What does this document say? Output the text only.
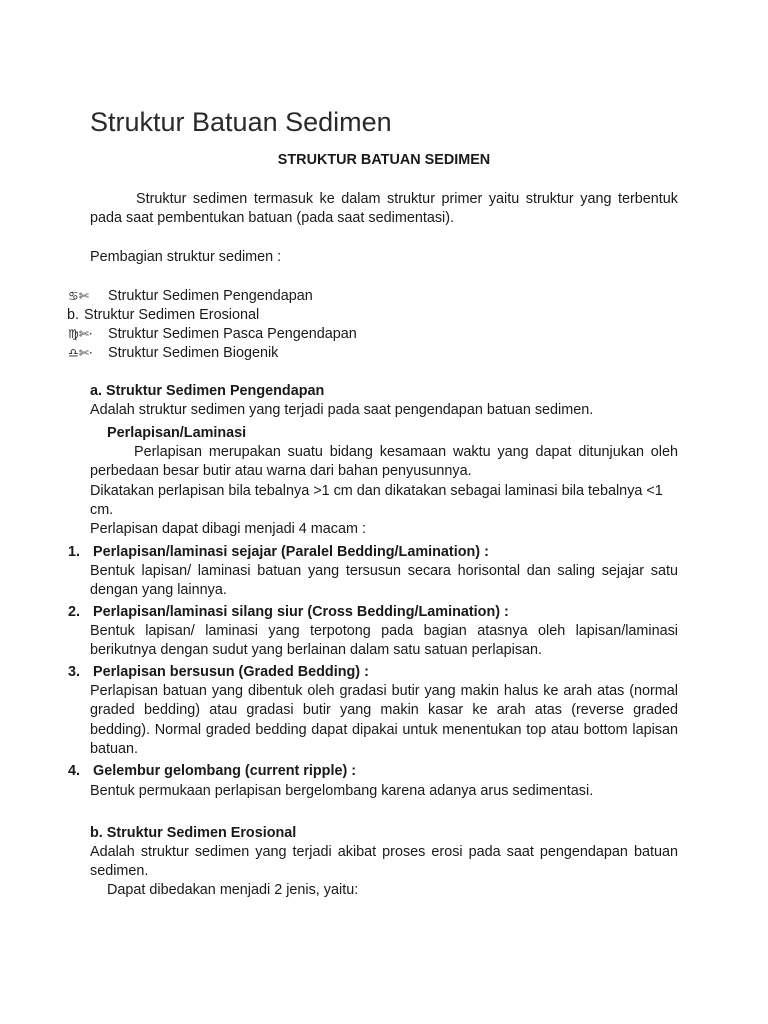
Struktur Batuan Sedimen
STRUKTUR BATUAN SEDIMEN

Struktur sedimen termasuk ke dalam struktur primer yaitu struktur yang terbentuk pada saat pembentukan batuan (pada saat sedimentasi).

Pembagian struktur sedimen :

♋✄ Struktur Sedimen Pengendapan
b. Struktur Sedimen Erosional
♍✄· Struktur Sedimen Pasca Pengendapan
♎✄· Struktur Sedimen Biogenik
a. Struktur Sedimen Pengendapan

Adalah struktur sedimen yang terjadi pada saat pengendapan batuan sedimen.

Perlapisan/Laminasi

Perlapisan merupakan suatu bidang kesamaan waktu yang dapat ditunjukan oleh perbedaan besar butir atau warna dari bahan penyusunnya.

Dikatakan perlapisan bila tebalnya >1 cm dan dikatakan sebagai laminasi bila tebalnya <1 cm.

Perlapisan dapat dibagi menjadi 4 macam :

1. Perlapisan/laminasi sejajar (Paralel Bedding/Lamination) :

Bentuk lapisan/ laminasi batuan yang tersusun secara horisontal dan saling sejajar satu dengan yang lainnya.

2. Perlapisan/laminasi silang siur (Cross Bedding/Lamination) :

Bentuk lapisan/ laminasi yang terpotong pada bagian atasnya oleh lapisan/laminasi berikutnya dengan sudut yang berlainan dalam satu satuan perlapisan.

3. Perlapisan bersusun (Graded Bedding) :

Perlapisan batuan yang dibentuk oleh gradasi butir yang makin halus ke arah atas (normal graded bedding) atau gradasi butir yang makin kasar ke arah atas (reverse graded bedding). Normal graded bedding dapat dipakai untuk menentukan top atau bottom lapisan batuan.

4. Gelembur gelombang (current ripple) :

Bentuk permukaan perlapisan bergelombang karena adanya arus sedimentasi.

b. Struktur Sedimen Erosional

Adalah struktur sedimen yang terjadi akibat proses erosi pada saat pengendapan batuan sedimen.

Dapat dibedakan menjadi 2 jenis, yaitu:
